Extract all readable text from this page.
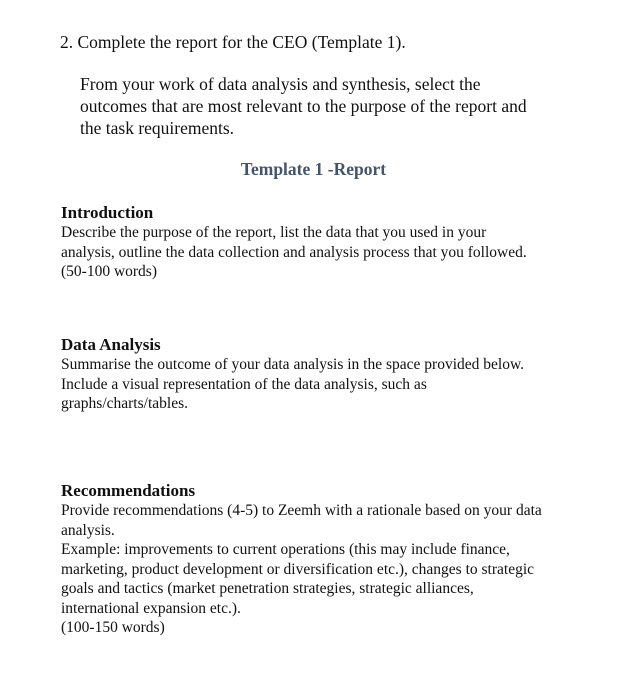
2. Complete the report for the CEO (Template 1).
From your work of data analysis and synthesis, select the
outcomes that are most relevant to the purpose of the report and
the task requirements.
Template 1 -Report
Introduction
Describe the purpose of the report, list the data that you used in your
analysis, outline the data collection and analysis process that you followed.
(50-100 words)
Data Analysis
Summarise the outcome of your data analysis in the space provided below.
Include a visual representation of the data analysis, such as
graphs/charts/tables.
Recommendations
Provide recommendations (4-5) to Zeemh with a rationale based on your data
analysis.
Example: improvements to current operations (this may include finance,
marketing, product development or diversification etc.), changes to strategic
goals and tactics (market penetration strategies, strategic alliances,
international expansion etc.).
(100-150 words)
